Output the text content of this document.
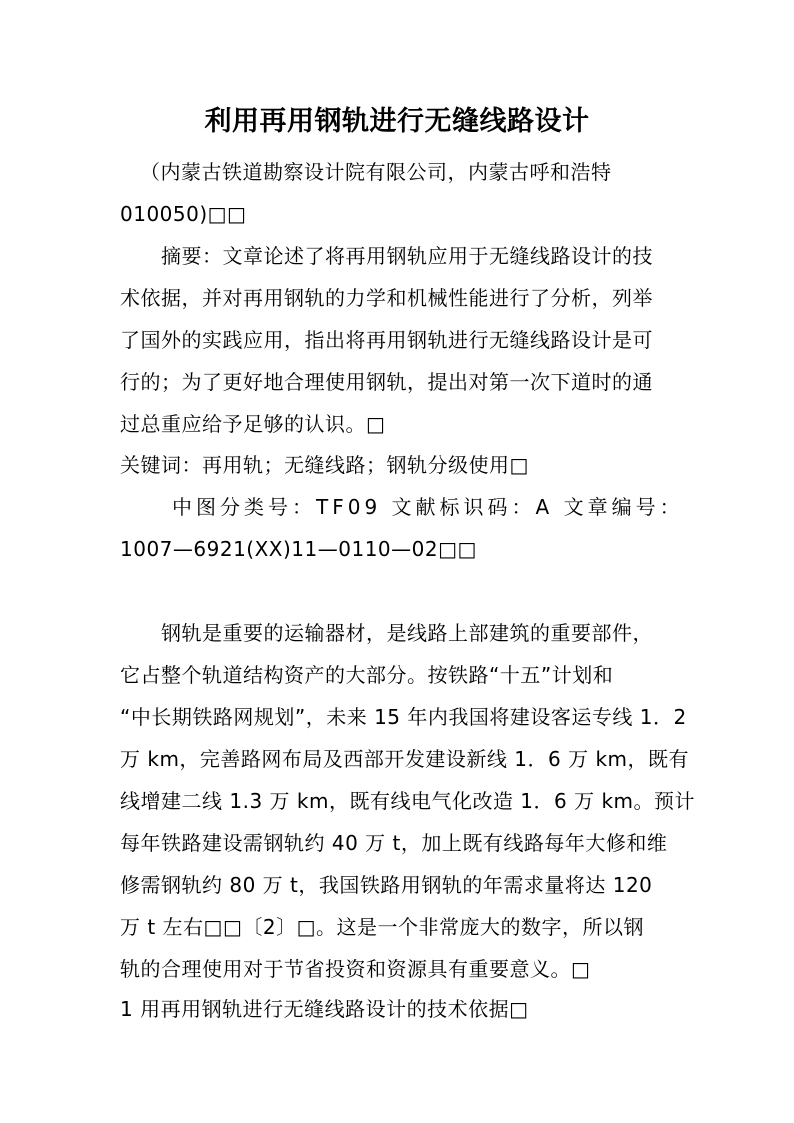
利用再用钢轨进行无缝线路设计
（内蒙古铁道勘察设计院有限公司，内蒙古呼和浩特
010050)□□
摘要：文章论述了将再用钢轨应用于无缝线路设计的技
术依据，并对再用钢轨的力学和机械性能进行了分析，列举
了国外的实践应用，指出将再用钢轨进行无缝线路设计是可
行的；为了更好地合理使用钢轨，提出对第一次下道时的通
过总重应给予足够的认识。□
关键词：再用轨；无缝线路；钢轨分级使用□
中图分类号：TF09 文献标识码：A 文章编号：
1007—6921(XX)11—0110—02□□
钢轨是重要的运输器材，是线路上部建筑的重要部件，
它占整个轨道结构资产的大部分。按铁路“十五”计划和
“中长期铁路网规划”，未来 15 年内我国将建设客运专线 1．2
万 km，完善路网布局及西部开发建设新线 1．6 万 km，既有
线增建二线 1.3 万 km，既有线电气化改造 1．6 万 km。预计
每年铁路建设需钢轨约 40 万 t，加上既有线路每年大修和维
修需钢轨约 80 万 t，我国铁路用钢轨的年需求量将达 120
万 t 左右□□〔2〕□。这是一个非常庞大的数字，所以钢
轨的合理使用对于节省投资和资源具有重要意义。□
1 用再用钢轨进行无缝线路设计的技术依据□
